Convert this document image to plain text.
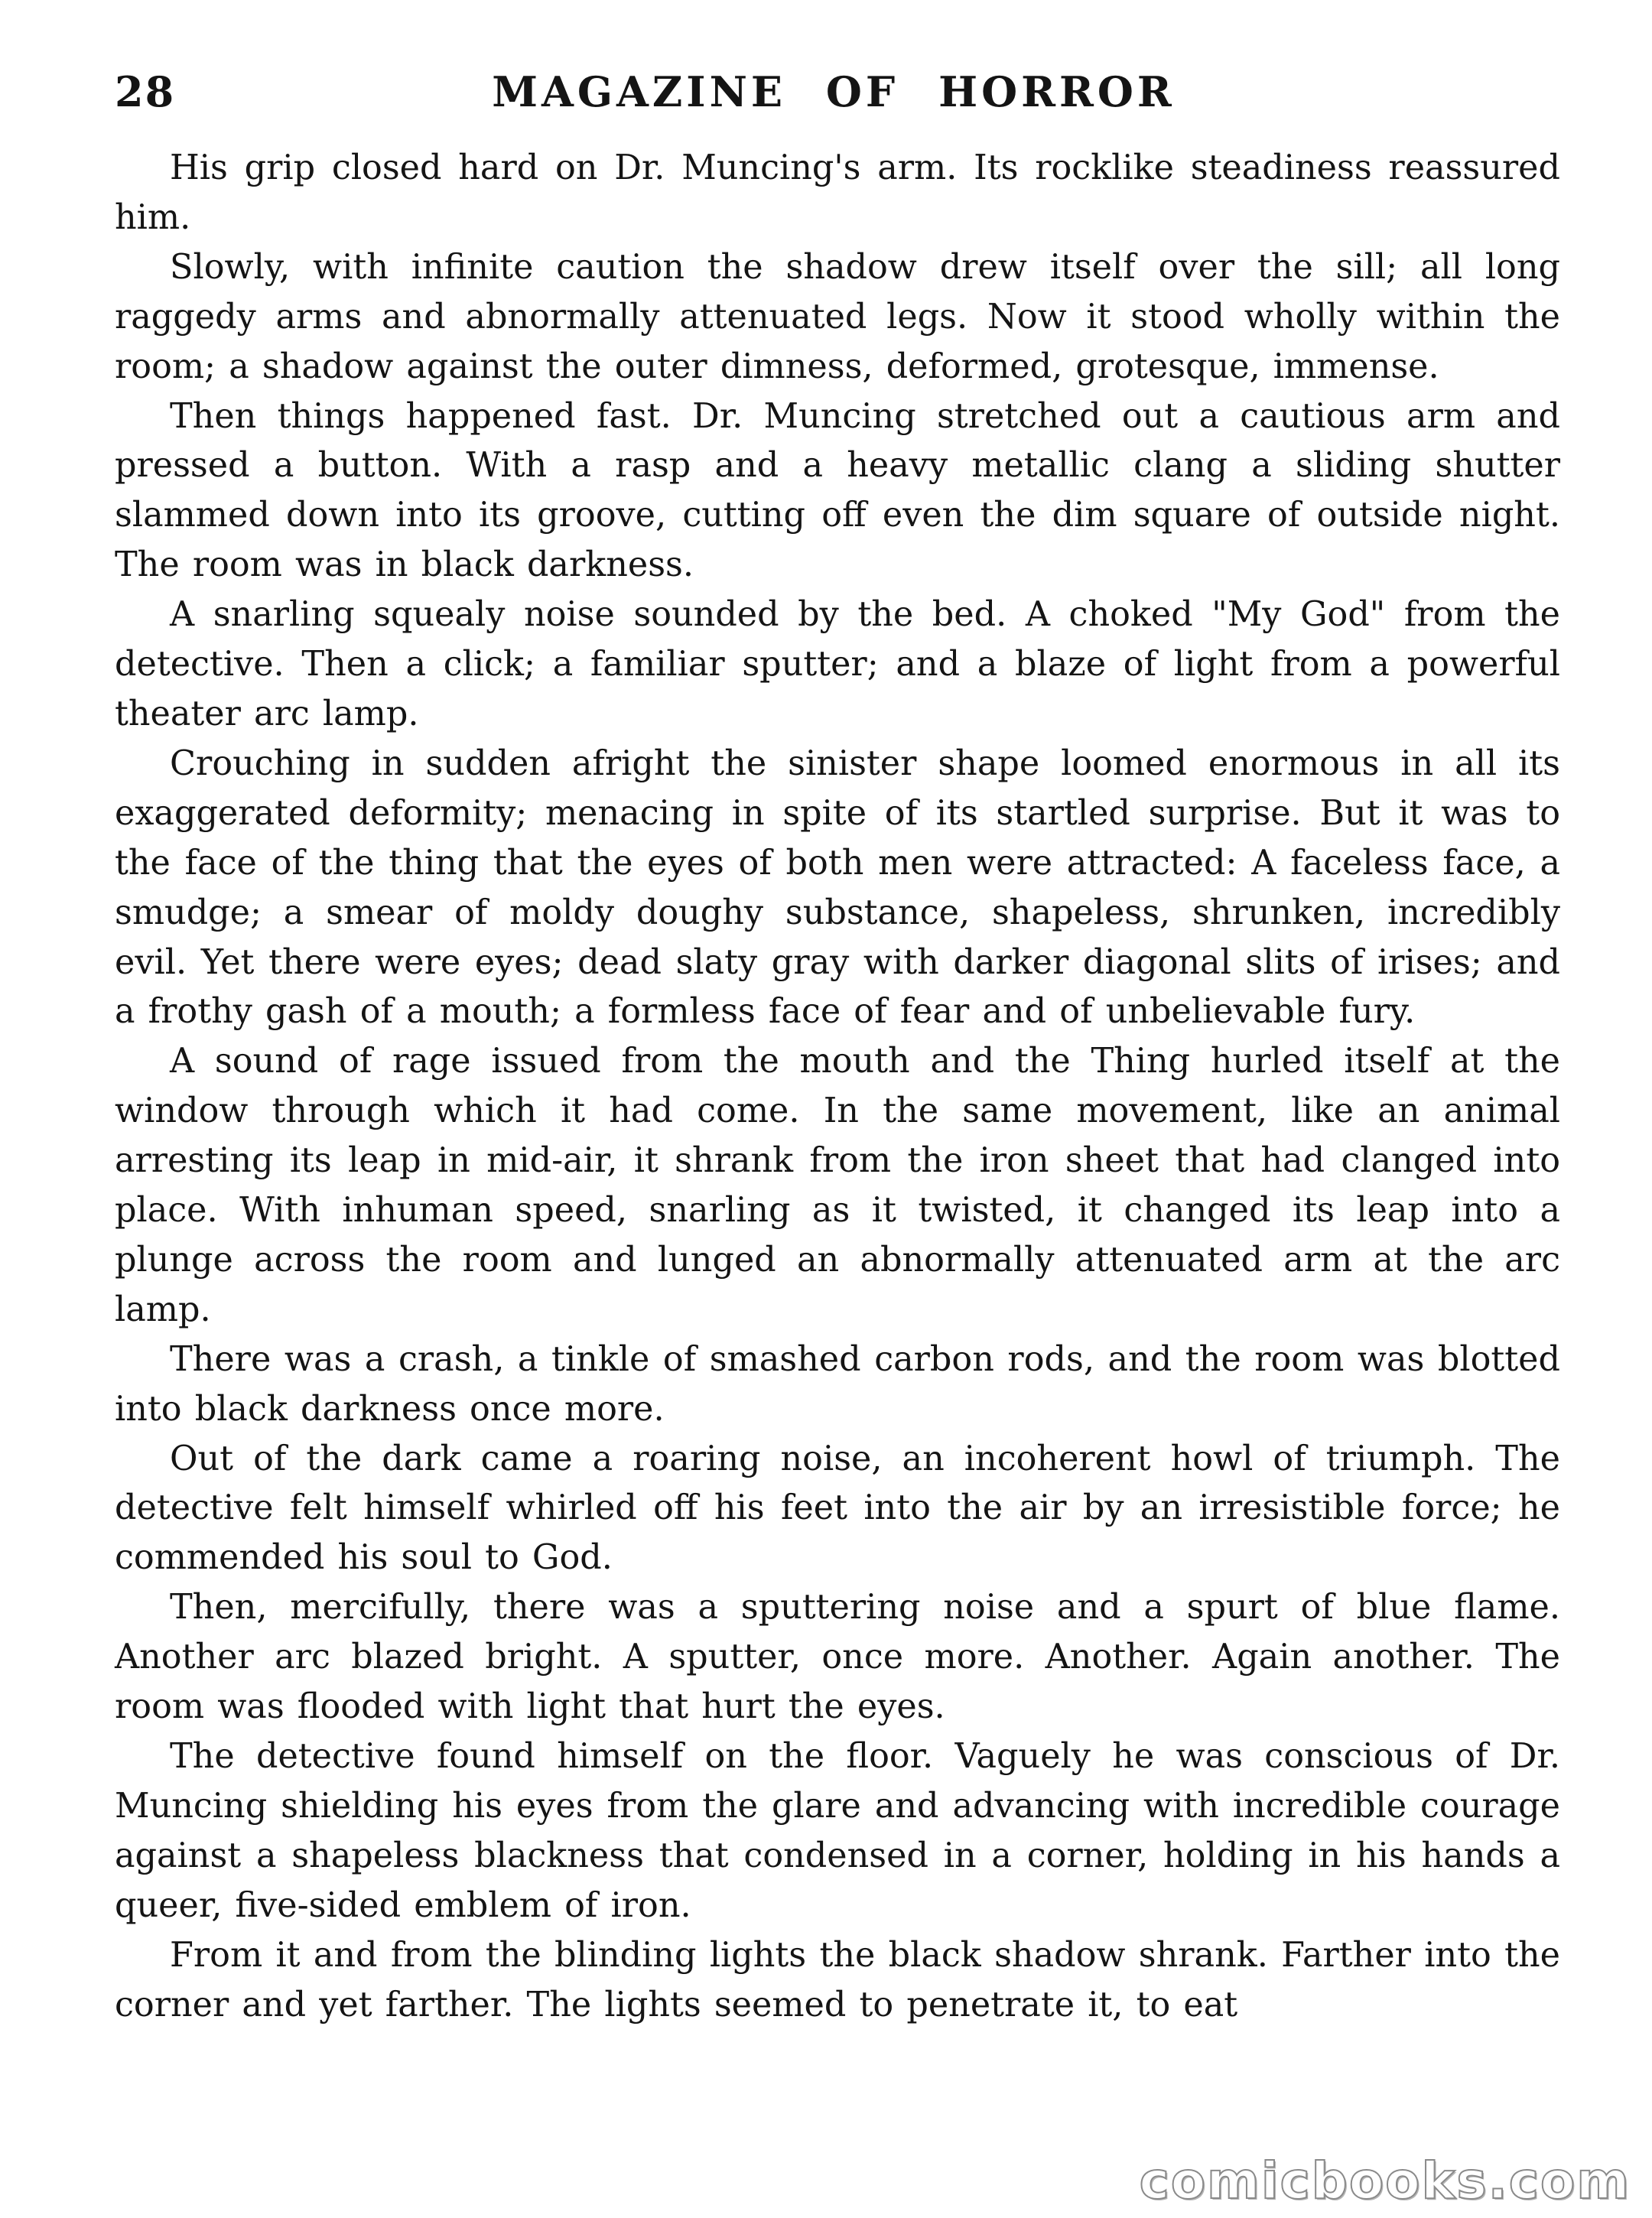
28	MAGAZINE OF HORROR

His grip closed hard on Dr. Muncing's arm. Its rocklike steadiness reassured him.

Slowly, with infinite caution the shadow drew itself over the sill; all long raggedy arms and abnormally attenuated legs. Now it stood wholly within the room; a shadow against the outer dimness, deformed, grotesque, immense.

Then things happened fast. Dr. Muncing stretched out a cautious arm and pressed a button. With a rasp and a heavy metallic clang a sliding shutter slammed down into its groove, cutting off even the dim square of outside night. The room was in black darkness.

A snarling squealy noise sounded by the bed. A choked "My God" from the detective. Then a click; a familiar sputter; and a blaze of light from a powerful theater arc lamp.

Crouching in sudden afright the sinister shape loomed enormous in all its exaggerated deformity; menacing in spite of its startled surprise. But it was to the face of the thing that the eyes of both men were attracted: A faceless face, a smudge; a smear of moldy doughy substance, shapeless, shrunken, incredibly evil. Yet there were eyes; dead slaty gray with darker diagonal slits of irises; and a frothy gash of a mouth; a formless face of fear and of unbelievable fury.

A sound of rage issued from the mouth and the Thing hurled itself at the window through which it had come. In the same movement, like an animal arresting its leap in mid-air, it shrank from the iron sheet that had clanged into place. With inhuman speed, snarling as it twisted, it changed its leap into a plunge across the room and lunged an abnormally attenuated arm at the arc lamp.

There was a crash, a tinkle of smashed carbon rods, and the room was blotted into black darkness once more.

Out of the dark came a roaring noise, an incoherent howl of triumph. The detective felt himself whirled off his feet into the air by an irresistible force; he commended his soul to God.

Then, mercifully, there was a sputtering noise and a spurt of blue flame. Another arc blazed bright. A sputter, once more. Another. Again another. The room was flooded with light that hurt the eyes.

The detective found himself on the floor. Vaguely he was conscious of Dr. Muncing shielding his eyes from the glare and advancing with incredible courage against a shapeless blackness that condensed in a corner, holding in his hands a queer, five-sided emblem of iron.

From it and from the blinding lights the black shadow shrank. Farther into the corner and yet farther. The lights seemed to penetrate it, to eat

comicbooks.com
